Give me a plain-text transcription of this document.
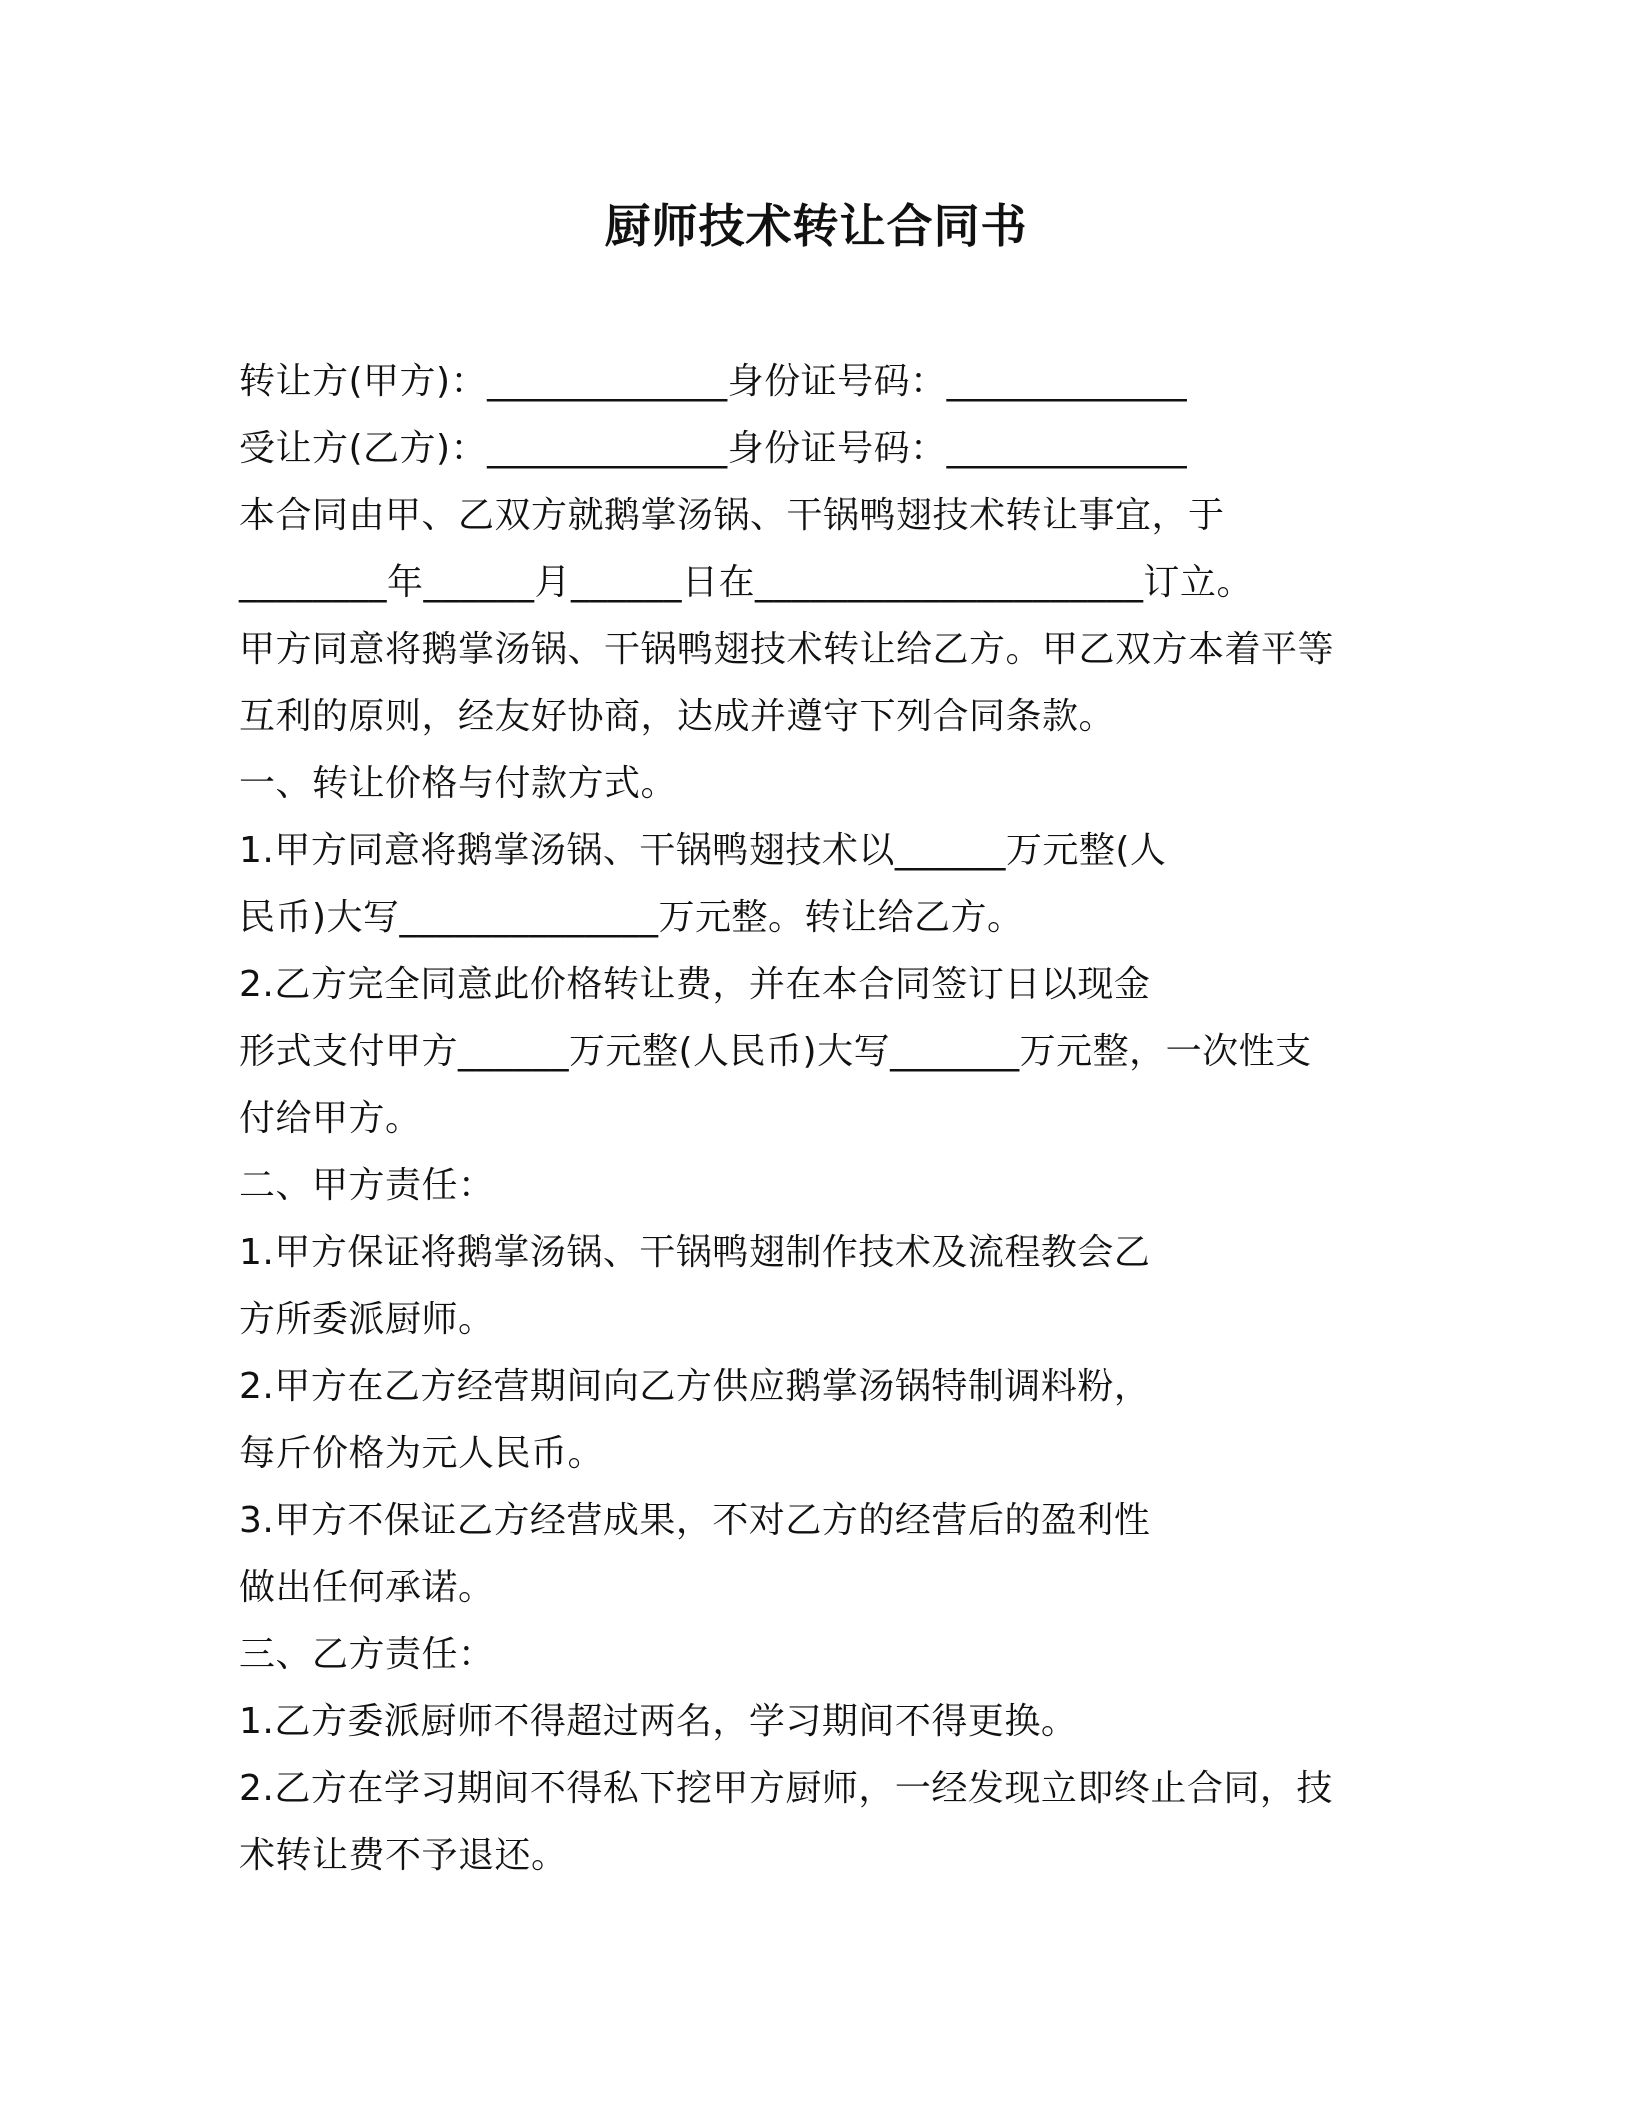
厨师技术转让合同书
转让方(甲方)：_____________身份证号码：_____________
受让方(乙方)：_____________身份证号码：_____________
本合同由甲、乙双方就鹅掌汤锅、干锅鸭翅技术转让事宜，于
________年______月______日在_____________________订立。
甲方同意将鹅掌汤锅、干锅鸭翅技术转让给乙方。甲乙双方本着平等
互利的原则，经友好协商，达成并遵守下列合同条款。
一、转让价格与付款方式。
1.甲方同意将鹅掌汤锅、干锅鸭翅技术以______万元整(人
民币)大写______________万元整。转让给乙方。
2.乙方完全同意此价格转让费，并在本合同签订日以现金
形式支付甲方______万元整(人民币)大写_______万元整，一次性支
付给甲方。
二、甲方责任：
1.甲方保证将鹅掌汤锅、干锅鸭翅制作技术及流程教会乙
方所委派厨师。
2.甲方在乙方经营期间向乙方供应鹅掌汤锅特制调料粉，
每斤价格为元人民币。
3.甲方不保证乙方经营成果，不对乙方的经营后的盈利性
做出任何承诺。
三、乙方责任：
1.乙方委派厨师不得超过两名，学习期间不得更换。
2.乙方在学习期间不得私下挖甲方厨师，一经发现立即终止合同，技
术转让费不予退还。
